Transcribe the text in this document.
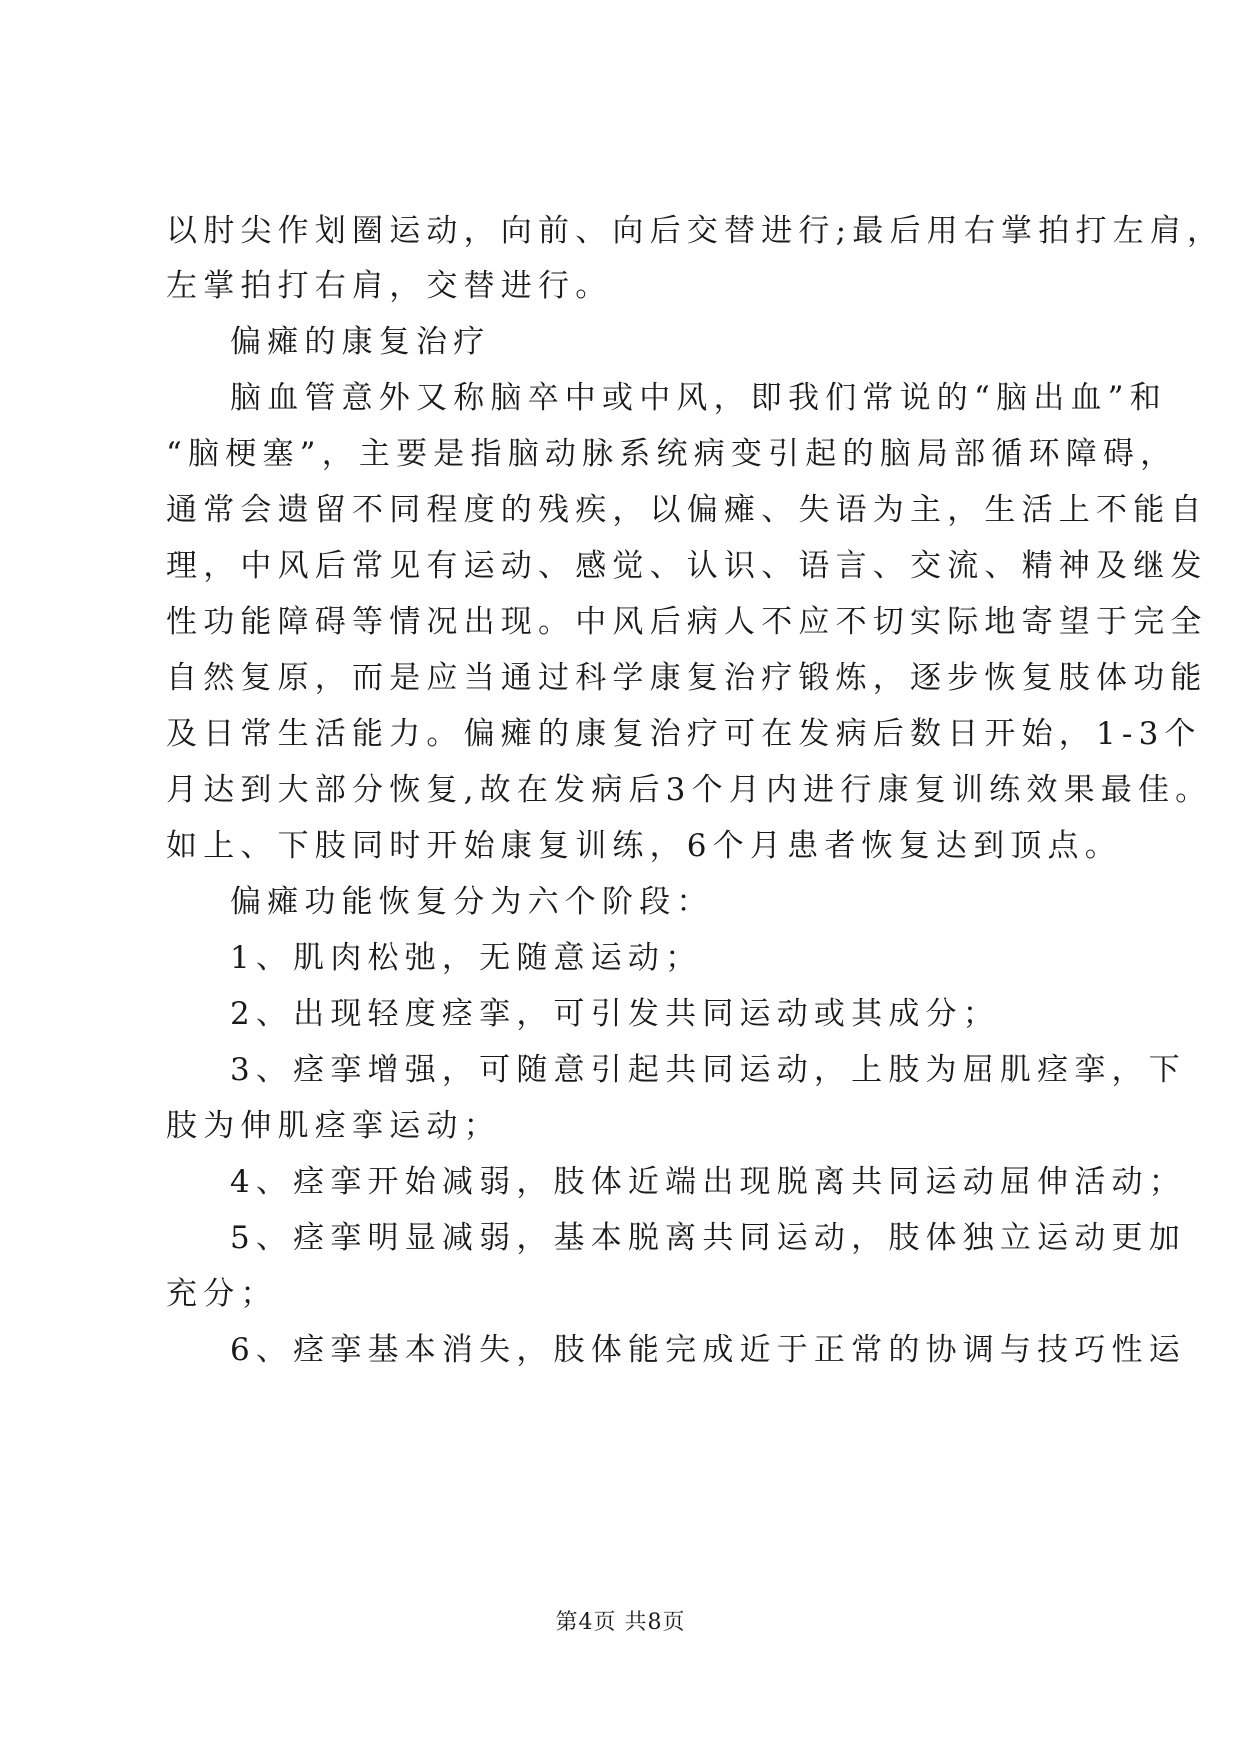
以肘尖作划圈运动，向前、向后交替进行;最后用右掌拍打左肩，
左掌拍打右肩，交替进行。
偏瘫的康复治疗
脑血管意外又称脑卒中或中风，即我们常说的“脑出血”和
“脑梗塞”，主要是指脑动脉系统病变引起的脑局部循环障碍，
通常会遗留不同程度的残疾，以偏瘫、失语为主，生活上不能自
理，中风后常见有运动、感觉、认识、语言、交流、精神及继发
性功能障碍等情况出现。中风后病人不应不切实际地寄望于完全
自然复原，而是应当通过科学康复治疗锻炼，逐步恢复肢体功能
及日常生活能力。偏瘫的康复治疗可在发病后数日开始，1-3个
月达到大部分恢复,故在发病后3个月内进行康复训练效果最佳。
如上、下肢同时开始康复训练，6个月患者恢复达到顶点。
偏瘫功能恢复分为六个阶段：
1、肌肉松弛，无随意运动；
2、出现轻度痉挛，可引发共同运动或其成分；
3、痉挛增强，可随意引起共同运动，上肢为屈肌痉挛，下
肢为伸肌痉挛运动；
4、痉挛开始减弱，肢体近端出现脱离共同运动屈伸活动；
5、痉挛明显减弱，基本脱离共同运动，肢体独立运动更加
充分；
6、痉挛基本消失，肢体能完成近于正常的协调与技巧性运
第4页 共8页
